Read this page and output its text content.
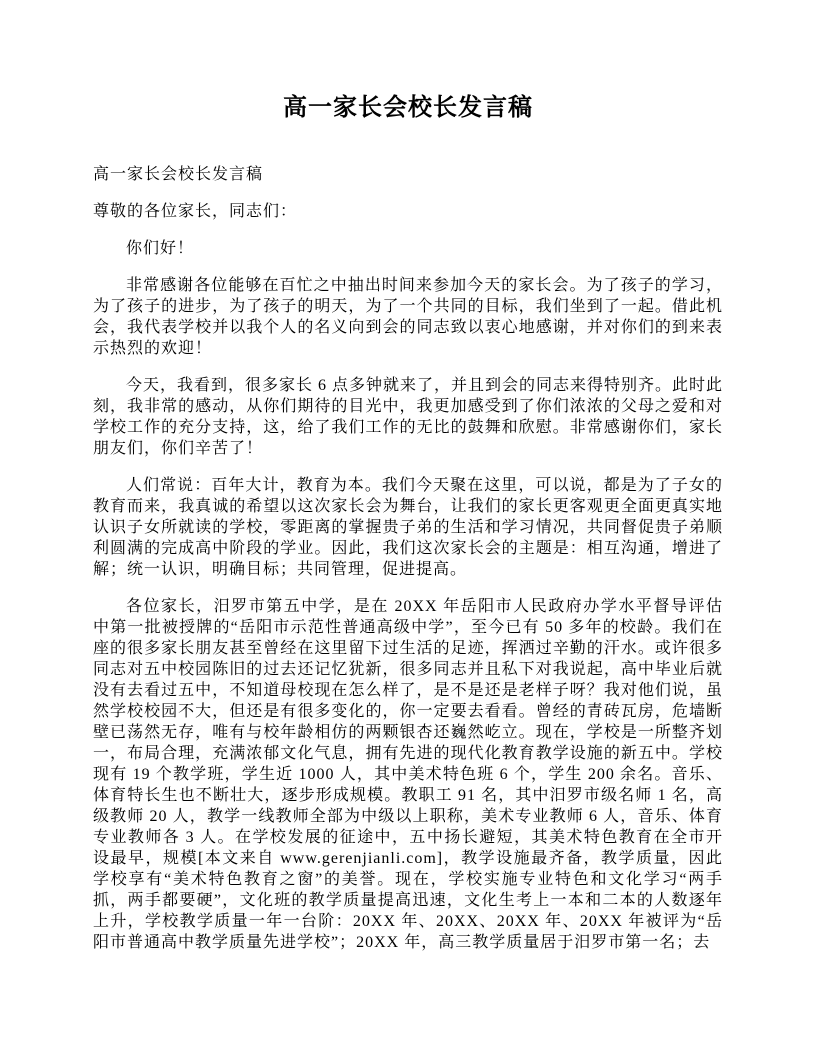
高一家长会校长发言稿

高一家长会校长发言稿

尊敬的各位家长，同志们：

你们好！

非常感谢各位能够在百忙之中抽出时间来参加今天的家长会。为了孩子的学习，为了孩子的进步，为了孩子的明天，为了一个共同的目标，我们坐到了一起。借此机会，我代表学校并以我个人的名义向到会的同志致以衷心地感谢，并对你们的到来表示热烈的欢迎！

今天，我看到，很多家长 6 点多钟就来了，并且到会的同志来得特别齐。此时此刻，我非常的感动，从你们期待的目光中，我更加感受到了你们浓浓的父母之爱和对学校工作的充分支持，这，给了我们工作的无比的鼓舞和欣慰。非常感谢你们，家长朋友们，你们辛苦了！

人们常说：百年大计，教育为本。我们今天聚在这里，可以说，都是为了子女的教育而来，我真诚的希望以这次家长会为舞台，让我们的家长更客观更全面更真实地认识子女所就读的学校，零距离的掌握贵子弟的生活和学习情况，共同督促贵子弟顺利圆满的完成高中阶段的学业。因此，我们这次家长会的主题是：相互沟通，增进了解；统一认识，明确目标；共同管理，促进提高。

各位家长，汨罗市第五中学，是在 20XX 年岳阳市人民政府办学水平督导评估中第一批被授牌的“岳阳市示范性普通高级中学”，至今已有 50 多年的校龄。我们在座的很多家长朋友甚至曾经在这里留下过生活的足迹，挥洒过辛勤的汗水。或许很多同志对五中校园陈旧的过去还记忆犹新，很多同志并且私下对我说起，高中毕业后就没有去看过五中，不知道母校现在怎么样了，是不是还是老样子呀？我对他们说，虽然学校校园不大，但还是有很多变化的，你一定要去看看。曾经的青砖瓦房，危墙断壁已荡然无存，唯有与校年龄相仿的两颗银杏还巍然屹立。现在，学校是一所整齐划一，布局合理，充满浓郁文化气息，拥有先进的现代化教育教学设施的新五中。学校现有 19 个教学班，学生近 1000 人，其中美术特色班 6 个，学生 200 余名。音乐、体育特长生也不断壮大，逐步形成规模。教职工 91 名，其中汨罗市级名师 1 名，高级教师 20 人，教学一线教师全部为中级以上职称，美术专业教师 6 人，音乐、体育专业教师各 3 人。在学校发展的征途中，五中扬长避短，其美术特色教育在全市开设最早，规模[本文来自 www.gerenjianli.com]，教学设施最齐备，教学质量，因此学校享有“美术特色教育之窗”的美誉。现在，学校实施专业特色和文化学习“两手抓，两手都要硬”，文化班的教学质量提高迅速，文化生考上一本和二本的人数逐年上升，学校教学质量一年一台阶：20XX 年、20XX、20XX 年、20XX 年被评为“岳阳市普通高中教学质量先进学校”；20XX 年，高三教学质量居于汨罗市第一名；去
